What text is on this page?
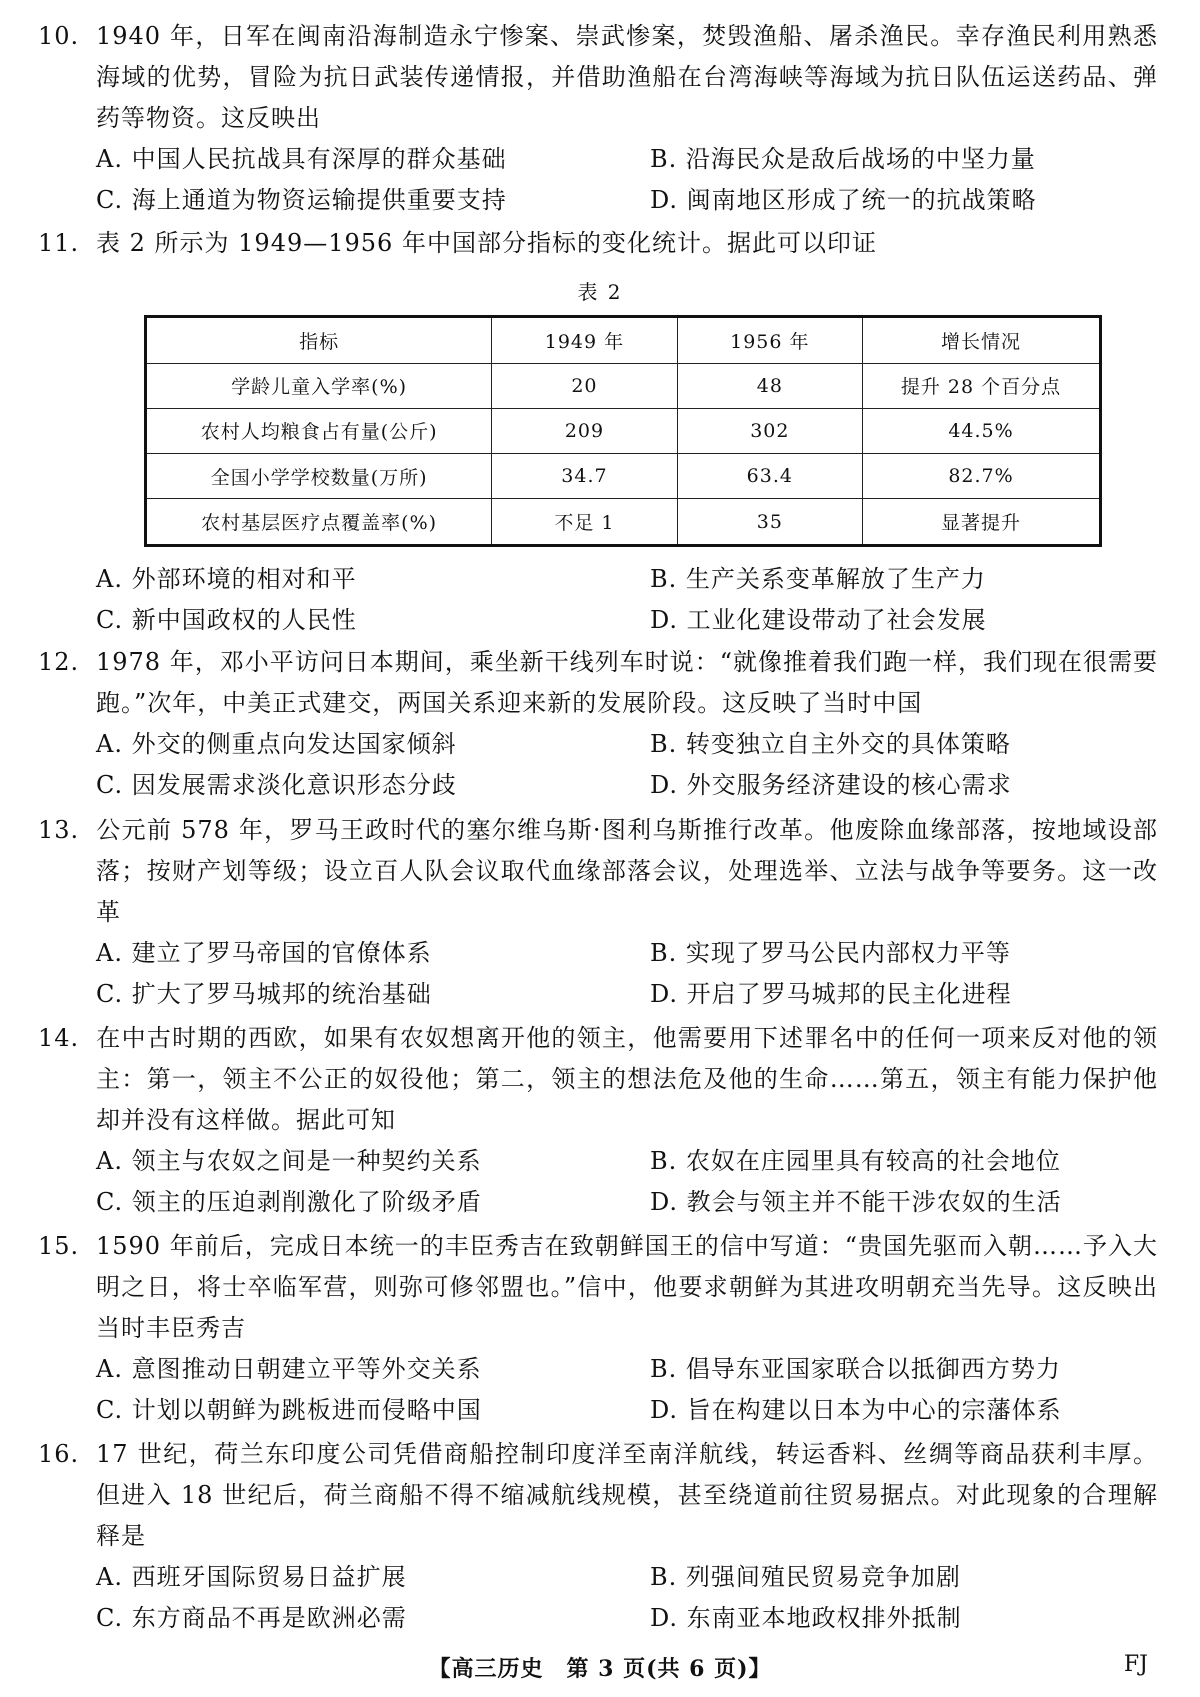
10. 1940 年，日军在闽南沿海制造永宁惨案、崇武惨案，焚毁渔船、屠杀渔民。幸存渔民利用熟悉海域的优势，冒险为抗日武装传递情报，并借助渔船在台湾海峡等海域为抗日队伍运送药品、弹药等物资。这反映出

A. 中国人民抗战具有深厚的群众基础	B. 沿海民众是敌后战场的中坚力量
C. 海上通道为物资运输提供重要支持	D. 闽南地区形成了统一的抗战策略

11. 表 2 所示为 1949—1956 年中国部分指标的变化统计。据此可以印证

表 2
指标	1949 年	1956 年	增长情况
学龄儿童入学率(%)	20	48	提升 28 个百分点
农村人均粮食占有量(公斤)	209	302	44.5%
全国小学学校数量(万所)	34.7	63.4	82.7%
农村基层医疗点覆盖率(%)	不足 1	35	显著提升
A. 外部环境的相对和平	B. 生产关系变革解放了生产力
C. 新中国政权的人民性	D. 工业化建设带动了社会发展

12. 1978 年，邓小平访问日本期间，乘坐新干线列车时说：“就像推着我们跑一样，我们现在很需要跑。”次年，中美正式建交，两国关系迎来新的发展阶段。这反映了当时中国

A. 外交的侧重点向发达国家倾斜	B. 转变独立自主外交的具体策略
C. 因发展需求淡化意识形态分歧	D. 外交服务经济建设的核心需求

13. 公元前 578 年，罗马王政时代的塞尔维乌斯·图利乌斯推行改革。他废除血缘部落，按地域设部落；按财产划等级；设立百人队会议取代血缘部落会议，处理选举、立法与战争等要务。这一改革

A. 建立了罗马帝国的官僚体系	B. 实现了罗马公民内部权力平等
C. 扩大了罗马城邦的统治基础	D. 开启了罗马城邦的民主化进程

14. 在中古时期的西欧，如果有农奴想离开他的领主，他需要用下述罪名中的任何一项来反对他的领主：第一，领主不公正的奴役他；第二，领主的想法危及他的生命……第五，领主有能力保护他却并没有这样做。据此可知

A. 领主与农奴之间是一种契约关系	B. 农奴在庄园里具有较高的社会地位
C. 领主的压迫剥削激化了阶级矛盾	D. 教会与领主并不能干涉农奴的生活

15. 1590 年前后，完成日本统一的丰臣秀吉在致朝鲜国王的信中写道：“贵国先驱而入朝……予入大明之日，将士卒临军营，则弥可修邻盟也。”信中，他要求朝鲜为其进攻明朝充当先导。这反映出当时丰臣秀吉

A. 意图推动日朝建立平等外交关系	B. 倡导东亚国家联合以抵御西方势力
C. 计划以朝鲜为跳板进而侵略中国	D. 旨在构建以日本为中心的宗藩体系

16. 17 世纪，荷兰东印度公司凭借商船控制印度洋至南洋航线，转运香料、丝绸等商品获利丰厚。但进入 18 世纪后，荷兰商船不得不缩减航线规模，甚至绕道前往贸易据点。对此现象的合理解释是

A. 西班牙国际贸易日益扩展	B. 列强间殖民贸易竞争加剧
C. 东方商品不再是欧洲必需	D. 东南亚本地政权排外抵制
【高三历史　第 3 页(共 6 页)】	FJ
